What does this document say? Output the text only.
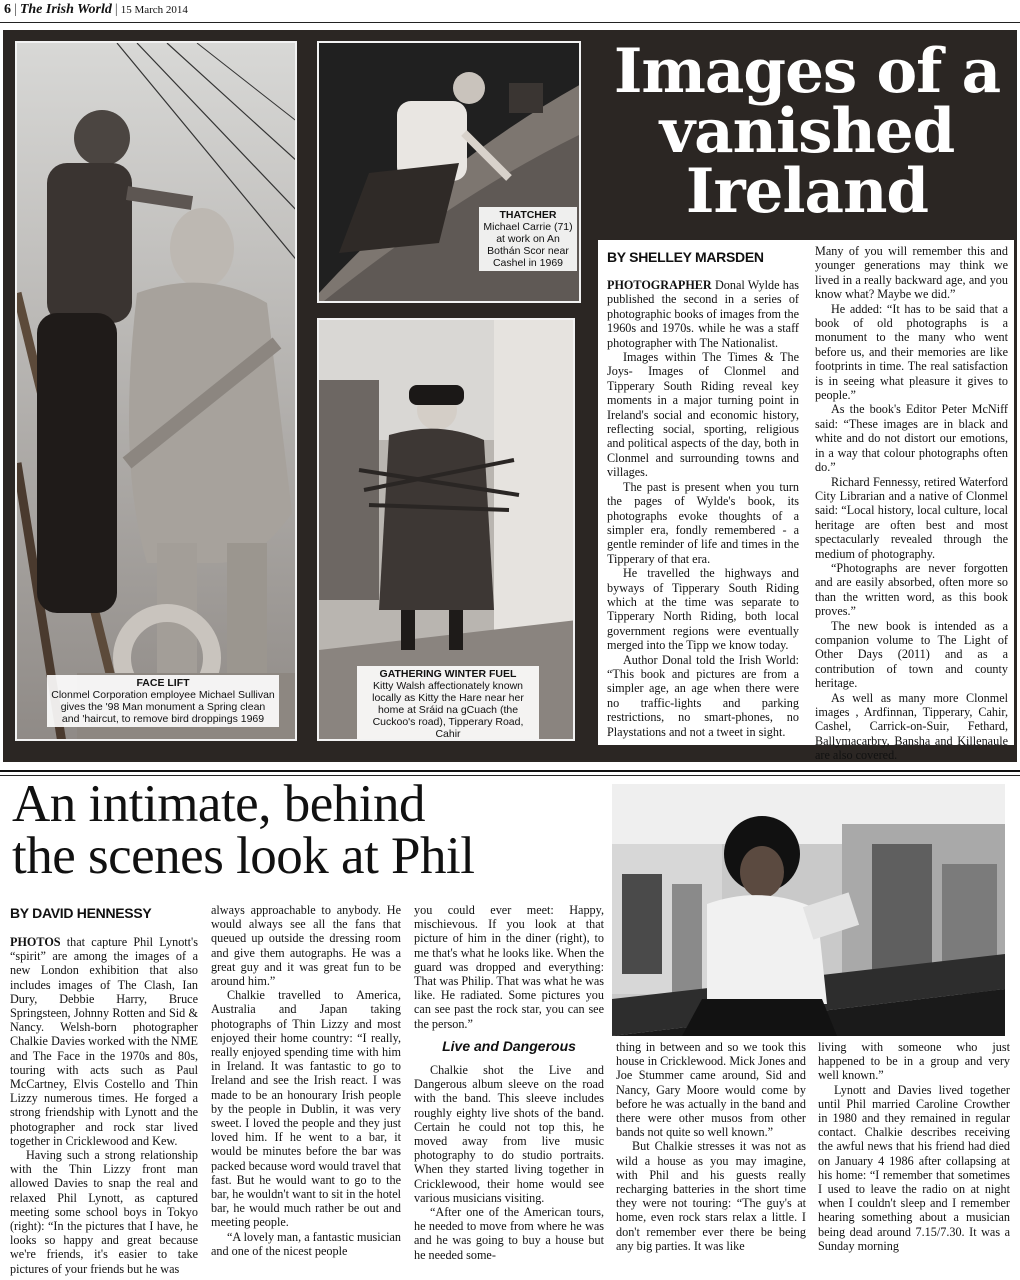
6 | The Irish World | 15 March 2014
FACE LIFT
Clonmel Corporation employee Michael Sullivan gives the '98 Man monument a Spring clean and 'haircut, to remove bird droppings 1969
THATCHER
Michael Carrie (71) at work on An Bothán Scor near Cashel in 1969
GATHERING WINTER FUEL
Kitty Walsh affectionately known locally as Kitty the Hare near her home at Sráid na gCuach (the Cuckoo's road), Tipperary Road, Cahir
Images of a
vanished
Ireland
BY SHELLEY MARSDEN

PHOTOGRAPHER Donal Wylde has published the second in a series of photographic books of images from the 1960s and 1970s. while he was a staff photographer with The Nationalist.

Images within The Times & The Joys- Images of Clonmel and Tipperary South Riding reveal key moments in a major turning point in Ireland's social and economic history, reflecting social, sporting, religious and political aspects of the day, both in Clonmel and surrounding towns and villages.

The past is present when you turn the pages of Wylde's book, its photographs evoke thoughts of a simpler era, fondly remembered - a gentle reminder of life and times in the Tipperary of that era.

He travelled the highways and byways of Tipperary South Riding which at the time was separate to Tipperary North Riding, both local government regions were eventually merged into the Tipp we know today.

Author Donal told the Irish World: “This book and pictures are from a simpler age, an age when there were no traffic-lights and parking restrictions, no smart-phones, no Playstations and not a tweet in sight.

Many of you will remember this and younger generations may think we lived in a really backward age, and you know what? Maybe we did.”

He added: “It has to be said that a book of old photographs is a monument to the many who went before us, and their memories are like footprints in time. The real satisfaction is in seeing what pleasure it gives to people.”

As the book's Editor Peter McNiff said: “These images are in black and white and do not distort our emotions, in a way that colour photographs often do.”

Richard Fennessy, retired Waterford City Librarian and a native of Clonmel said: “Local history, local culture, local heritage are often best and most spectacularly revealed through the medium of photography.

“Photographs are never forgotten and are easily absorbed, often more so than the written word, as this book proves.”

The new book is intended as a companion volume to The Light of Other Days (2011) and as a contribution of town and county heritage.

As well as many more Clonmel images , Ardfinnan, Tipperary, Cahir, Cashel, Carrick-on-Suir, Fethard, Ballymacarbry, Bansha and Killenaule are also covered.

An intimate, behind
the scenes look at Phil
BY DAVID HENNESSY

PHOTOS that capture Phil Lynott's “spirit” are among the images of a new London exhibition that also includes images of The Clash, Ian Dury, Debbie Harry, Bruce Springsteen, Johnny Rotten and Sid & Nancy. Welsh-born photographer Chalkie Davies worked with the NME and The Face in the 1970s and 80s, touring with acts such as Paul McCartney, Elvis Costello and Thin Lizzy numerous times. He forged a strong friendship with Lynott and the photographer and rock star lived together in Cricklewood and Kew.

Having such a strong relationship with the Thin Lizzy front man allowed Davies to snap the real and relaxed Phil Lynott, as captured meeting some school boys in Tokyo (right): “In the pictures that I have, he looks so happy and great because we're friends, it's easier to take pictures of your friends but he was

always approachable to anybody. He would always see all the fans that queued up outside the dressing room and give them autographs. He was a great guy and it was great fun to be around him.”

Chalkie travelled to America, Australia and Japan taking photographs of Thin Lizzy and most enjoyed their home country: “I really, really enjoyed spending time with him in Ireland. It was fantastic to go to Ireland and see the Irish react. I was made to be an honourary Irish people by the people in Dublin, it was very sweet. I loved the people and they just loved him. If he went to a bar, it would be minutes before the bar was packed because word would travel that fast. But he would want to go to the bar, he wouldn't want to sit in the hotel bar, he would much rather be out and meeting people.

“A lovely man, a fantastic musician and one of the nicest people

you could ever meet: Happy, mischievous. If you look at that picture of him in the diner (right), to me that's what he looks like. When the guard was dropped and everything: That was Philip. That was what he was like. He radiated. Some pictures you can see past the rock star, you can see the person.”

Live and Dangerous

Chalkie shot the Live and Dangerous album sleeve on the road with the band. This sleeve includes roughly eighty live shots of the band. Certain he could not top this, he moved away from live music photography to do studio portraits. When they started living together in Cricklewood, their home would see various musicians visiting.

“After one of the American tours, he needed to move from where he was and he was going to buy a house but he needed some-

thing in between and so we took this house in Cricklewood. Mick Jones and Joe Stummer came around, Sid and Nancy, Gary Moore would come by before he was actually in the band and there were other musos from other bands not quite so well known.”

But Chalkie stresses it was not as wild a house as you may imagine, with Phil and his guests really recharging batteries in the short time they were not touring: “The guy's at home, even rock stars relax a little. I don't remember ever there be being any big parties. It was like

living with someone who just happened to be in a group and very well known.”

Lynott and Davies lived together until Phil married Caroline Crowther in 1980 and they remained in regular contact. Chalkie describes receiving the awful news that his friend had died on January 4 1986 after collapsing at his home: “I remember that sometimes I used to leave the radio on at night when I couldn't sleep and I remember hearing something about a musician being dead around 7.15/7.30. It was a Sunday morning
